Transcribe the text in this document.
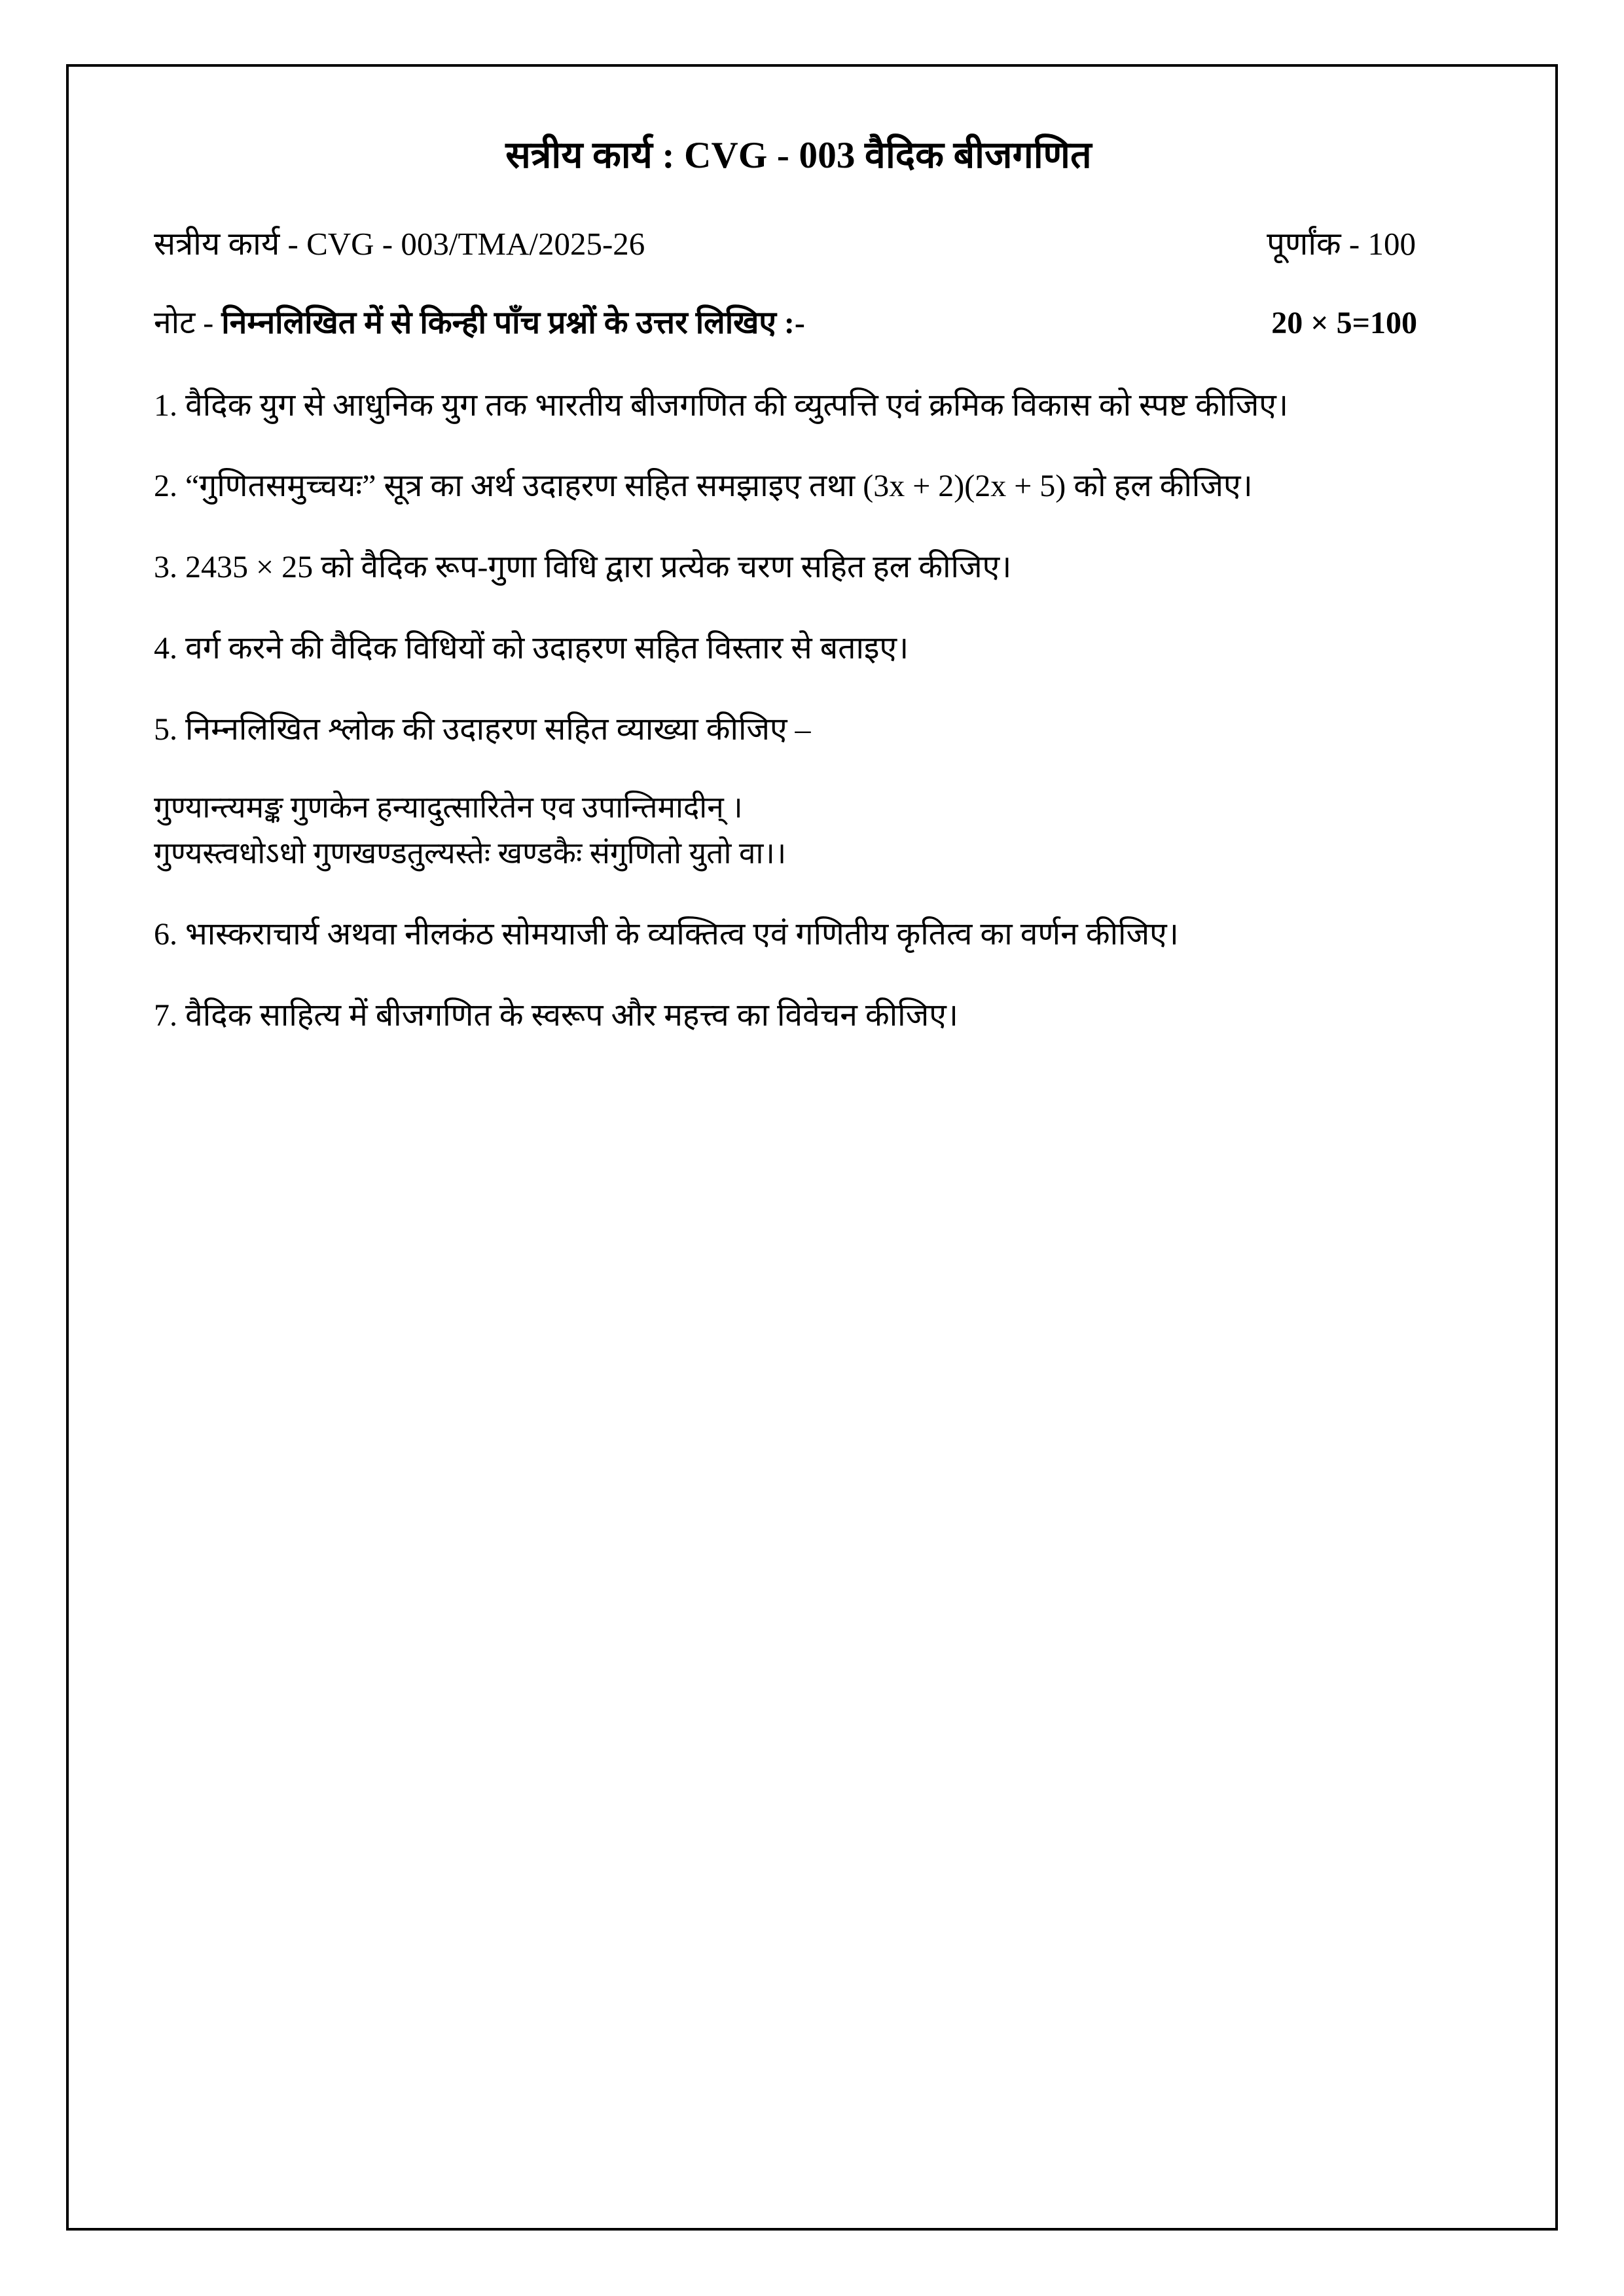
सत्रीय कार्य : CVG - 003 वैदिक बीजगणित
सत्रीय कार्य - CVG - 003/TMA/2025-26	पूर्णांक - 100
नोट - निम्नलिखित में से किन्ही पाँच प्रश्नों के उत्तर लिखिए :-	20 × 5=100

1. वैदिक युग से आधुनिक युग तक भारतीय बीजगणित की व्युत्पत्ति एवं क्रमिक विकास को स्पष्ट कीजिए।

2. “गुणितसमुच्चयः” सूत्र का अर्थ उदाहरण सहित समझाइए तथा (3x + 2)(2x + 5) को हल कीजिए।

3. 2435 × 25 को वैदिक रूप-गुणा विधि द्वारा प्रत्येक चरण सहित हल कीजिए।

4. वर्ग करने की वैदिक विधियों को उदाहरण सहित विस्तार से बताइए।

5. निम्नलिखित श्लोक की उदाहरण सहित व्याख्या कीजिए –

गुण्यान्त्यमङ्क गुणकेन हन्यादुत्सारितेन एव उपान्तिमादीन् ।
गुण्यस्त्वधोऽधो गुणखण्डतुल्यस्तेः खण्डकैः संगुणितो युतो वा।।

6. भास्कराचार्य अथवा नीलकंठ सोमयाजी के व्यक्तित्व एवं गणितीय कृतित्व का वर्णन कीजिए।

7. वैदिक साहित्य में बीजगणित के स्वरूप और महत्त्व का विवेचन कीजिए।
